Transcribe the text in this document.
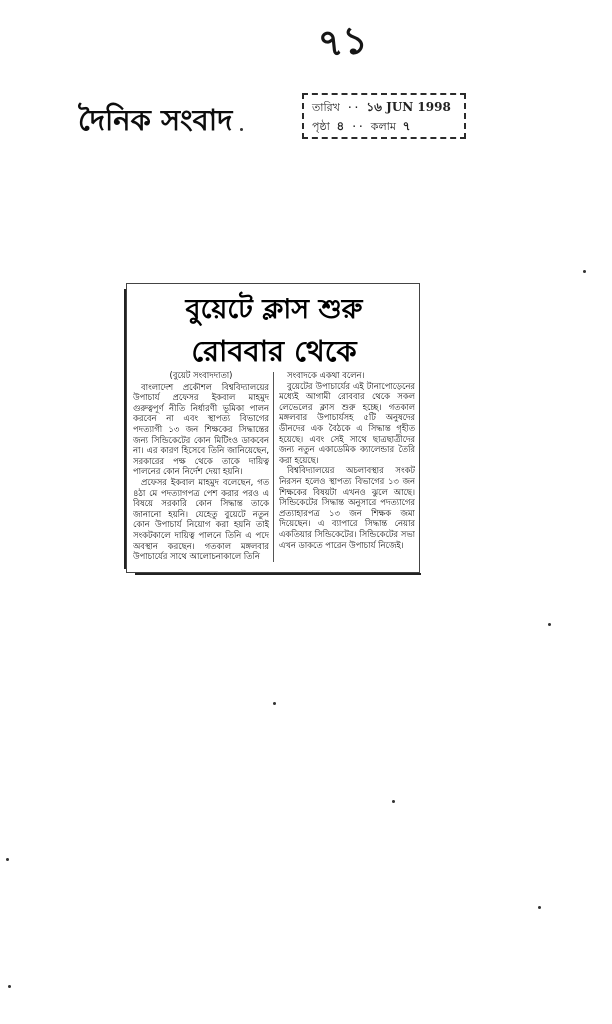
৭১
দৈনিক সংবাদ	তারিখ ·· ১৬ JUN 1998
পৃষ্ঠা ৪ ·· কলাম ৭
বুয়েটে ক্লাস শুরু
রোববার থেকে

(বুয়েট সংবাদদাতা)

বাংলাদেশ প্রকৌশল বিশ্ববিদ্যালয়ের উপাচার্য প্রফেসর ইকবাল মাহমুদ গুরুত্বপূর্ণ নীতি নির্ধারণী ভূমিকা পালন করবেন না এবং স্থাপত্য বিভাগের পদত্যাগী ১৩ জন শিক্ষকের সিদ্ধান্তের জন্য সিন্ডিকেটের কোন মিটিংও ডাকবেন না। এর কারণ হিসেবে তিনি জানিয়েছেন, সরকারের পক্ষ থেকে তাকে দায়িত্ব পালনের কোন নির্দেশ দেয়া হয়নি।

প্রফেসর ইকবাল মাহমুদ বলেছেন, গত ৪ঠা মে পদত্যাগপত্র পেশ করার পরও এ বিষয়ে সরকারি কোন সিদ্ধান্ত তাকে জানানো হয়নি। যেহেতু বুয়েটে নতুন কোন উপাচার্য নিয়োগ করা হয়নি তাই সংকটকালে দায়িত্ব পালনে তিনি এ পদে অবস্থান করছেন। গতকাল মঙ্গলবার উপাচার্যের সাথে আলোচনাকালে তিনি

সংবাদকে একথা বলেন।

বুয়েটের উপাচার্যের এই টানাপোড়েনের মধ্যেই আগামী রোববার থেকে সকল লেভেলের ক্লাস শুরু হচ্ছে। গতকাল মঙ্গলবার উপাচার্যসহ ৫টি অনুষদের ডীনদের এক বৈঠকে এ সিদ্ধান্ত গৃহীত হয়েছে। এবং সেই সাথে ছাত্রছাত্রীদের জন্য নতুন একাডেমিক ক্যালেন্ডার তৈরি করা হয়েছে।

বিশ্ববিদ্যালয়ের অচলাবস্থার সংকট নিরসন হলেও স্থাপত্য বিভাগের ১৩ জন শিক্ষকের বিষয়টা এখনও ঝুলে আছে। সিন্ডিকেটের সিদ্ধান্ত অনুসারে পদত্যাগের প্রত্যাহারপত্র ১৩ জন শিক্ষক জমা দিয়েছেন। এ ব্যাপারে সিদ্ধান্ত নেয়ার একতিয়ার সিন্ডিকেটের। সিন্ডিকেটের সভা এখন ডাকতে পারেন উপাচার্য নিজেই।
